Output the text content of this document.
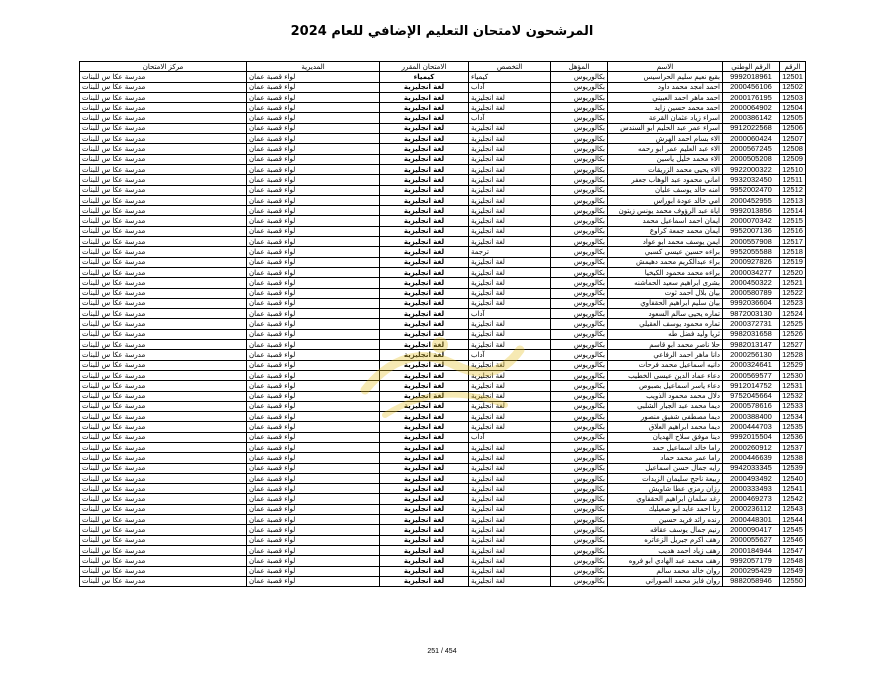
المرشحون لامتحان التعليم الإضافي للعام 2024
الرقم	الرقم الوطني	الاسم	المؤهل	التخصص	الامتحان المقرر	المديرية	مركز الامتحان
12501	9992018961	بقيع نعيم سليم الحراسيس	بكالوريوس	كيمياء	كيمياء	لواء قصبة عمان	مدرسة عكا س للبنات
12502	2000456106	احمد امجد محمد داود	بكالوريوس	آداب	لغة انجليزية	لواء قصبة عمان	مدرسة عكا س للبنات
12503	2000176195	احمد ماهر احمد العبيني	بكالوريوس	لغة انجليزية	لغة انجليزية	لواء قصبة عمان	مدرسة عكا س للبنات
12504	2000064902	احمد محمد حسين زايد	بكالوريوس	لغة انجليزية	لغة انجليزية	لواء قصبة عمان	مدرسة عكا س للبنات
12505	2000386142	اسراء زياد عثمان القرعة	بكالوريوس	آداب	لغة انجليزية	لواء قصبة عمان	مدرسة عكا س للبنات
12506	9912022568	اسراء عمر عبد الحليم ابو السندس	بكالوريوس	لغة انجليزية	لغة انجليزية	لواء قصبة عمان	مدرسة عكا س للبنات
12507	2000060424	الاء بسام احمد الهرش	بكالوريوس	لغة انجليزية	لغة انجليزية	لواء قصبة عمان	مدرسة عكا س للبنات
12508	2000567245	الاء عبد العليم عمر ابو رحمه	بكالوريوس	لغة انجليزية	لغة انجليزية	لواء قصبة عمان	مدرسة عكا س للبنات
12509	2000505208	الاء محمد خليل ياسين	بكالوريوس	لغة انجليزية	لغة انجليزية	لواء قصبة عمان	مدرسة عكا س للبنات
12510	9922000322	الاء يحيى محمد الزريقات	بكالوريوس	لغة انجليزية	لغة انجليزية	لواء قصبة عمان	مدرسة عكا س للبنات
12511	9932032450	اماني محمود عبد الوهاب جعفر	بكالوريوس	لغة انجليزية	لغة انجليزية	لواء قصبة عمان	مدرسة عكا س للبنات
12512	9952002470	امنه خالد يوسف عليان	بكالوريوس	لغة انجليزية	لغة انجليزية	لواء قصبة عمان	مدرسة عكا س للبنات
12513	2000452955	امي خالد عودة ابوراس	بكالوريوس	لغة انجليزية	لغة انجليزية	لواء قصبة عمان	مدرسة عكا س للبنات
12514	9992013856	اياة عبد الرؤوف محمد يونس زيتون	بكالوريوس	لغة انجليزية	لغة انجليزية	لواء قصبة عمان	مدرسة عكا س للبنات
12515	2000070342	ايمان احمد اسماعيل محمد	بكالوريوس	لغة انجليزية	لغة انجليزية	لواء قصبة عمان	مدرسة عكا س للبنات
12516	9952007136	ايمان محمد جمعة كراوع	بكالوريوس	لغة انجليزية	لغة انجليزية	لواء قصبة عمان	مدرسة عكا س للبنات
12517	2000557908	ايمن يوسف محمد ابو عواد	بكالوريوس	لغة انجليزية	لغة انجليزية	لواء قصبة عمان	مدرسة عكا س للبنات
12518	9952055588	براءه حسين عيسى كسبي	بكالوريوس	ترجمة	لغة انجليزية	لواء قصبة عمان	مدرسة عكا س للبنات
12519	2000927826	براء عبدالكريم محمد دهيمش	بكالوريوس	لغة انجليزية	لغة انجليزية	لواء قصبة عمان	مدرسة عكا س للبنات
12520	2000034277	براءه محمد محمود الكيخيا	بكالوريوس	لغة انجليزية	لغة انجليزية	لواء قصبة عمان	مدرسة عكا س للبنات
12521	2000450322	بشرى ابراهيم سعيد الحماشنه	بكالوريوس	لغة انجليزية	لغة انجليزية	لواء قصبة عمان	مدرسة عكا س للبنات
12522	2000580789	بيان بلال احمد ثوت	بكالوريوس	لغة انجليزية	لغة انجليزية	لواء قصبة عمان	مدرسة عكا س للبنات
12523	9992036604	بيان سليم ابراهيم الحقفاوي	بكالوريوس	لغة انجليزية	لغة انجليزية	لواء قصبة عمان	مدرسة عكا س للبنات
12524	9872003130	تماره يحيى سالم السعود	بكالوريوس	آداب	لغة انجليزية	لواء قصبة عمان	مدرسة عكا س للبنات
12525	2000372731	تماره محمود يوسف العقيلي	بكالوريوس	لغة انجليزية	لغة انجليزية	لواء قصبة عمان	مدرسة عكا س للبنات
12526	9982031658	ثريا وليد فضل طه	بكالوريوس	لغة انجليزية	لغة انجليزية	لواء قصبة عمان	مدرسة عكا س للبنات
12527	9982013147	حلا ناصر محمد ابو قاسم	بكالوريوس	لغة انجليزية	لغة انجليزية	لواء قصبة عمان	مدرسة عكا س للبنات
12528	2000256130	دانا ماهر احمد الرفاعي	بكالوريوس	آداب	لغة انجليزية	لواء قصبة عمان	مدرسة عكا س للبنات
12529	2000324641	دانيه اسماعيل محمد فرحات	بكالوريوس	لغة انجليزية	لغة انجليزية	لواء قصبة عمان	مدرسة عكا س للبنات
12530	2000569577	دعاء عماد الدين عيسى الخطيب	بكالوريوس	لغة انجليزية	لغة انجليزية	لواء قصبة عمان	مدرسة عكا س للبنات
12531	9912014752	دعاء ياسر اسماعيل بصبوص	بكالوريوس	لغة انجليزية	لغة انجليزية	لواء قصبة عمان	مدرسة عكا س للبنات
12532	9752045664	دلال محمد محمود الذويب	بكالوريوس	لغة انجليزية	لغة انجليزية	لواء قصبة عمان	مدرسة عكا س للبنات
12533	2000578616	ديما محمد عبد الجبار الشلبي	بكالوريوس	لغة انجليزية	لغة انجليزية	لواء قصبة عمان	مدرسة عكا س للبنات
12534	2000388400	ديما مصطفى شفيق منصور	بكالوريوس	لغة انجليزية	لغة انجليزية	لواء قصبة عمان	مدرسة عكا س للبنات
12535	2000444703	ديما محمد ابراهيم العلاق	بكالوريوس	لغة انجليزية	لغة انجليزية	لواء قصبة عمان	مدرسة عكا س للبنات
12536	9992015504	دينا موفق سلاح الهديان	بكالوريوس	آداب	لغة انجليزية	لواء قصبة عمان	مدرسة عكا س للبنات
12537	2000260912	راما خالد اسماعيل حمد	بكالوريوس	لغة انجليزية	لغة انجليزية	لواء قصبة عمان	مدرسة عكا س للبنات
12538	2000446639	راما عمر محمد حماد	بكالوريوس	لغة انجليزية	لغة انجليزية	لواء قصبة عمان	مدرسة عكا س للبنات
12539	9942033345	رايه جمال حسن اسماعيل	بكالوريوس	لغة انجليزية	لغة انجليزية	لواء قصبة عمان	مدرسة عكا س للبنات
12540	2000493492	ربيعة ناجح سليمان الزيدات	بكالوريوس	لغة انجليزية	لغة انجليزية	لواء قصبة عمان	مدرسة عكا س للبنات
12541	2000333493	رزان رمزي عطا شاويش	بكالوريوس	لغة انجليزية	لغة انجليزية	لواء قصبة عمان	مدرسة عكا س للبنات
12542	2000469273	رغد سلمان ابراهيم الحقفاوي	بكالوريوس	لغة انجليزية	لغة انجليزية	لواء قصبة عمان	مدرسة عكا س للبنات
12543	2000236112	رنا احمد عايد ابو صعيليك	بكالوريوس	لغة انجليزية	لغة انجليزية	لواء قصبة عمان	مدرسة عكا س للبنات
12544	2000448301	رنده رائد فريد حسين	بكالوريوس	لغة انجليزية	لغة انجليزية	لواء قصبة عمان	مدرسة عكا س للبنات
12545	2000090417	رنيم جمال يوسف عقاقه	بكالوريوس	لغة انجليزية	لغة انجليزية	لواء قصبة عمان	مدرسة عكا س للبنات
12546	2000055627	رهف اكرم جبريل الزعاتره	بكالوريوس	لغة انجليزية	لغة انجليزية	لواء قصبة عمان	مدرسة عكا س للبنات
12547	2000184944	رهف زياد احمد هديب	بكالوريوس	لغة انجليزية	لغة انجليزية	لواء قصبة عمان	مدرسة عكا س للبنات
12548	9992057179	رهف محمد عبد الهادي ابو فروه	بكالوريوس	لغة انجليزية	لغة انجليزية	لواء قصبة عمان	مدرسة عكا س للبنات
12549	2000295429	روان خالد محمد سالم	بكالوريوس	لغة انجليزية	لغة انجليزية	لواء قصبة عمان	مدرسة عكا س للبنات
12550	9882058946	روان فايز محمد الصوراني	بكالوريوس	لغة انجليزية	لغة انجليزية	لواء قصبة عمان	مدرسة عكا س للبنات
251 / 454
